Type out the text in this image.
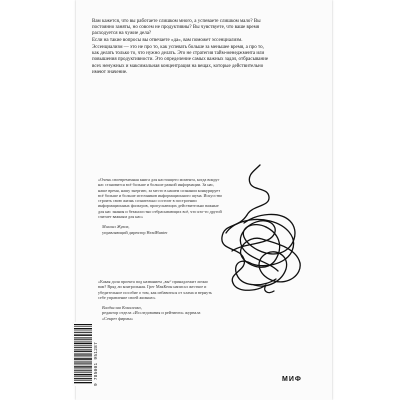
Вам кажется, что вы работаете слишком много, а успеваете слишком мало? Вы постоянно заняты, но совсем не продуктивны? Вы чувствуете, что ваше время расходуется на чужие дела?

Если на такие вопросы вы отвечаете «да», вам поможет эссенциализм.

Эссенциализм — это не про то, как успевать больше за меньшее время, а про то, как делать только то, что нужно делать. Это не стратегия тайм-менеджмента или повышения продуктивности. Это определение самых важных задач, отбрасывание всех ненужных и максимальная концентрация на вещах, которые действительно имеют значение.

«Очень своевременная книга для настоящего момента, когда вокруг нас становится всё больше и больше разной информации. За нас, нашe время, нашу энергию, за место в нашем сознании конкурирует всё больше и больше источников информационного шума. Искусство строить свою жизнь сознательно состоит в построении информационных фильтров, пропускающих действительно важные для нас знания и безжалостно отбрасывающих всё, что кто-то другой считает важным для нас»
Михаил Жуков,
управляющий директор HeadHunter
«Какая доля проекта под названием „вы“ принадлежит лично вам? Вряд ли контрольная. Грег МакКеон написал жесткое и убедительное пособие о том, как избавиться от хлама и вернуть себе управление своей жизнью»
Владислав Коваленко,
редактор отдела «Исследования и рейтинги» журнала «Секрет фирмы»
9 785001 951287	МИФ
